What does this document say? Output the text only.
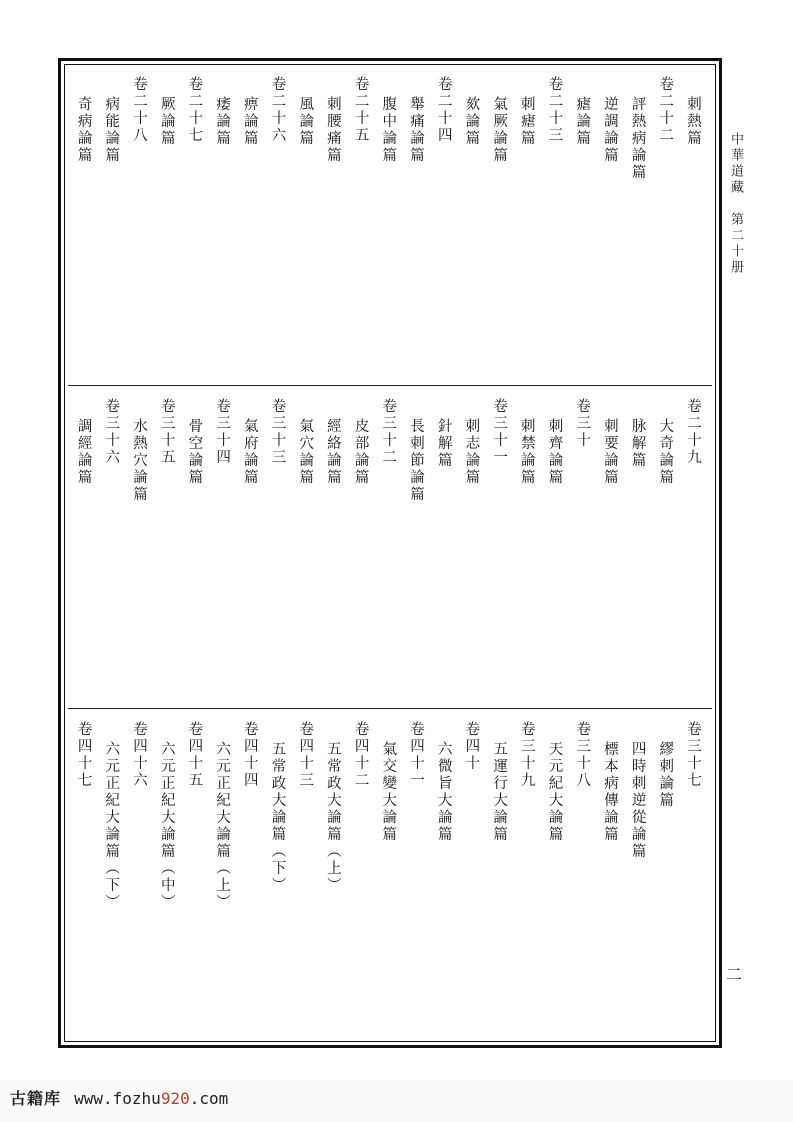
刺熱篇
卷二十二
評熱病論篇
逆調論篇
瘧論篇
卷二十三
刺瘧篇
氣厥論篇
欬論篇
卷二十四
舉痛論篇
腹中論篇
卷二十五
刺腰痛篇
風論篇
卷二十六
痹論篇
痿論篇
卷二十七
厥論篇
卷二十八
病能論篇
奇病論篇
卷二十九
大奇論篇
脉解篇
刺要論篇
卷三十
刺齊論篇
刺禁論篇
卷三十一
刺志論篇
針解篇
長刺節論篇
卷三十二
皮部論篇
經絡論篇
氣穴論篇
卷三十三
氣府論篇
卷三十四
骨空論篇
卷三十五
水熱穴論篇
卷三十六
調經論篇
卷三十七
繆刺論篇
四時刺逆從論篇
標本病傳論篇
卷三十八
天元紀大論篇
卷三十九
五運行大論篇
卷四十
六微旨大論篇
卷四十一
氣交變大論篇
卷四十二
五常政大論篇（上）
卷四十三
五常政大論篇（下）
卷四十四
六元正紀大論篇（上）
卷四十五
六元正紀大論篇（中）
卷四十六
六元正紀大論篇（下）
卷四十七
中華道藏　第二十册
二
古籍库 www.fozhu920.com
